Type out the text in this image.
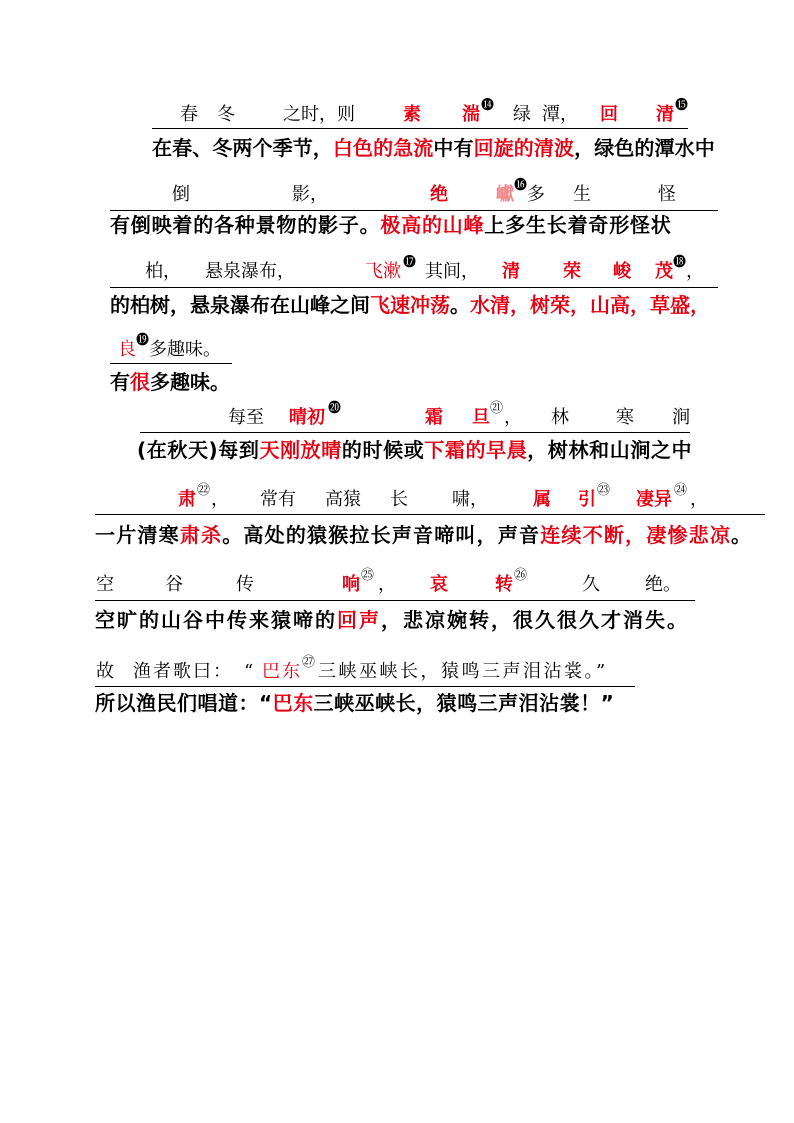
春 冬	之时，则	素 湍 ⓮ 绿 潭， 回 清 ⓯
在春、冬两个季节， 白色的急流 中有 回旋的清波 ，绿色的潭水中
倒	影，	绝	巘 ⓰ 多 生	怪
有倒映着的各种景物的影子。 极高的山峰 上多生长着奇形怪状
柏， 悬泉瀑布，	飞漱 ⓱ 其间， 清 荣 峻 茂 ⓲ ，
的柏树，悬泉瀑布在山峰之间 飞速冲荡 。 水清，树荣，山高，草盛，
良 ⓳ 多趣味。
有 很 多趣味。
每至 晴初 ⓴	霜 旦 ㉑ ， 林	寒 涧
(在秋天)每到 天刚放晴 的时候或 下霜的早晨 ，树林和山涧之中
肃 ㉒ ， 常有 高猿 长 啸，	属 引 ㉓ 凄异 ㉔ ，
一片清寒 肃杀 。高处的猿猴拉长声音啼叫，声音 连续不断，凄惨悲凉 。
空	谷	传	响 ㉕ ， 哀	转 ㉖	久	绝。
空旷的山谷中传来猿啼的 回声 ，悲凉婉转，很久很久才消失。
故 渔者歌曰： “ 巴东 ㉗ 三峡巫峡长，猿鸣三声泪沾裳。”
所以渔民们唱道：“ 巴东 三峡巫峡长，猿鸣三声泪沾裳！”
